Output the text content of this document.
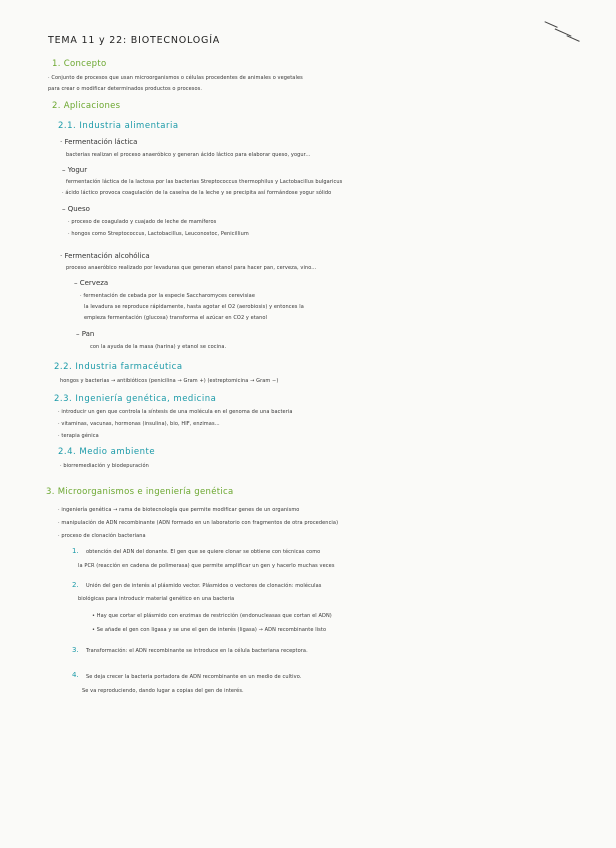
TEMA 11 y 22: BIOTECNOLOGÍA
1. Concepto
· Conjunto de procesos que usan microorganismos o células procedentes de animales o vegetales
para crear o modificar determinados productos o procesos.
2. Aplicaciones
2.1. Industria alimentaria
· Fermentación láctica
bacterias realizan el proceso anaeróbico y generan ácido láctico para elaborar queso, yogur...
– Yogur
fermentación láctica de la lactosa por las bacterias Streptococcus thermophilus y Lactobacillus bulgaricus
· ácido láctico provoca coagulación de la caseína de la leche y se precipita así formándose yogur sólido
– Queso
· proceso de coagulado y cuajado de leche de mamíferos
· hongos como Streptococcus, Lactobacillus, Leuconostoc, Penicillium
· Fermentación alcohólica
proceso anaeróbico realizado por levaduras que generan etanol para hacer pan, cerveza, vino...
– Cerveza
· fermentación de cebada por la especie Saccharomyces cerevisiae
la levadura se reproduce rápidamente, hasta agotar el O2 (aerobiosis) y entonces la
empieza fermentación (glucosa) transforma el azúcar en CO2 y etanol
– Pan
con la ayuda de la masa (harina) y etanol se cocina.
2.2. Industria farmacéutica
hongos y bacterias → antibióticos (penicilina → Gram +) (estreptomicina → Gram −)
2.3. Ingeniería genética, medicina
· introducir un gen que controla la síntesis de una molécula en el genoma de una bacteria
· vitaminas, vacunas, hormonas (insulina), bio, HIF, enzimas...
· terapia génica
2.4. Medio ambiente
· biorremediación y biodepuración
3. Microorganismos e ingeniería genética
· ingeniería genética → rama de biotecnología que permite modificar genes de un organismo
· manipulación de ADN recombinante (ADN formado en un laboratorio con fragmentos de otra procedencia)
· proceso de clonación bacteriana
1. obtención del ADN del donante. El gen que se quiere clonar se obtiene con técnicas como
la PCR (reacción en cadena de polimerasa) que permite amplificar un gen y hacerlo muchas veces
2. Unión del gen de interés al plásmido vector. Plásmidos o vectores de clonación: moléculas
biológicas para introducir material genético en una bacteria
• Hay que cortar el plásmido con enzimas de restricción (endonucleasas que cortan el ADN)
• Se añade el gen con ligasa y se une el gen de interés (ligasa) → ADN recombinante listo
3. Transformación: el ADN recombinante se introduce en la célula bacteriana receptora.
4. Se deja crecer la bacteria portadora de ADN recombinante en un medio de cultivo.
Se va reproduciendo, dando lugar a copias del gen de interés.
